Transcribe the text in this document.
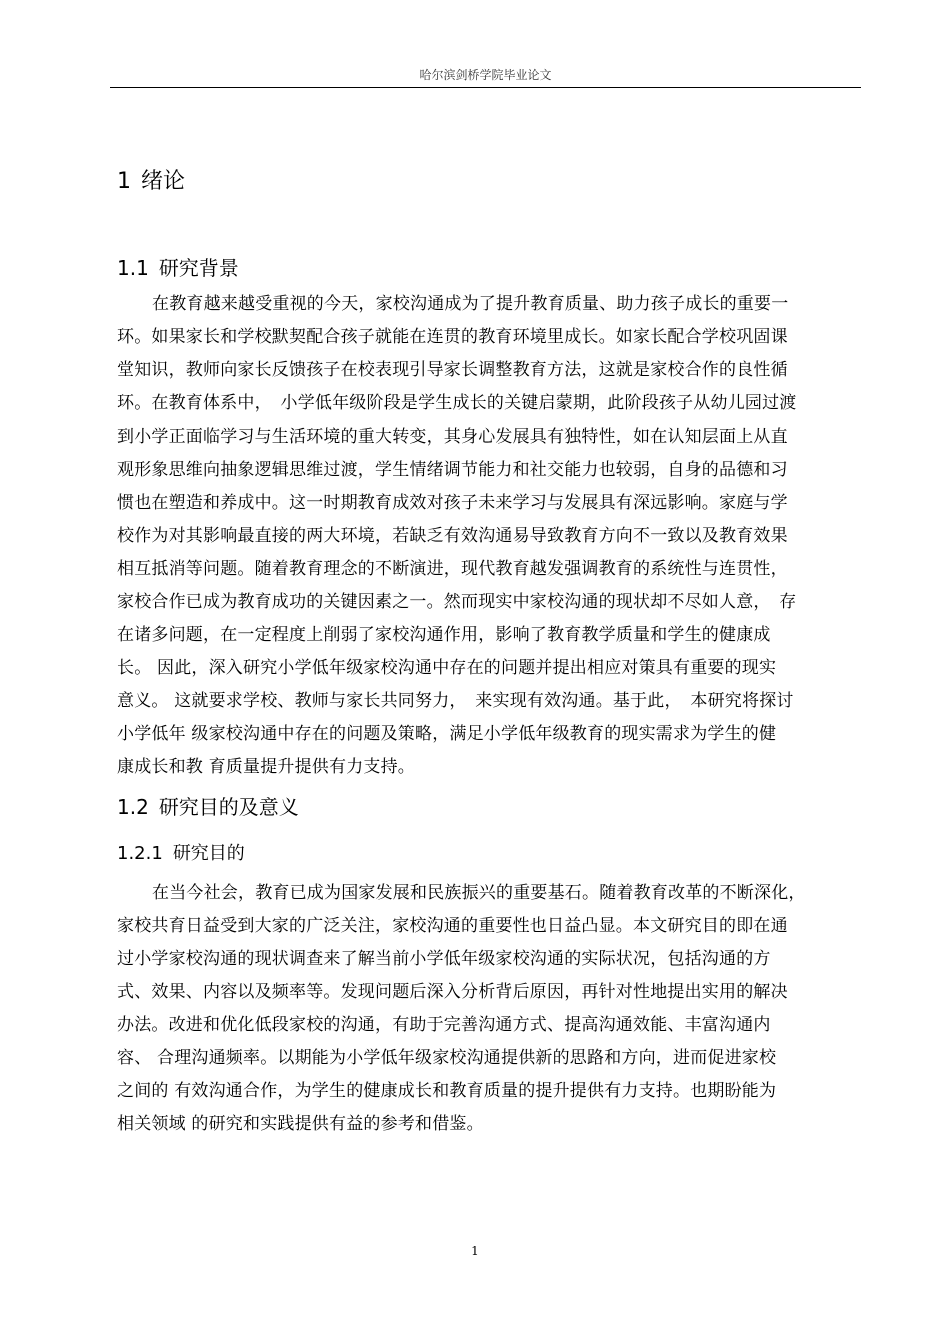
哈尔滨剑桥学院毕业论文
1 绪论
1.1 研究背景
在教育越来越受重视的今天，家校沟通成为了提升教育质量、助力孩子成长的重要一
环。如果家长和学校默契配合孩子就能在连贯的教育环境里成长。如家长配合学校巩固课
堂知识，教师向家长反馈孩子在校表现引导家长调整教育方法，这就是家校合作的良性循
环。在教育体系中，　小学低年级阶段是学生成长的关键启蒙期，此阶段孩子从幼儿园过渡
到小学正面临学习与生活环境的重大转变，其身心发展具有独特性，如在认知层面上从直
观形象思维向抽象逻辑思维过渡，学生情绪调节能力和社交能力也较弱，自身的品德和习
惯也在塑造和养成中。这一时期教育成效对孩子未来学习与发展具有深远影响。家庭与学
校作为对其影响最直接的两大环境，若缺乏有效沟通易导致教育方向不一致以及教育效果
相互抵消等问题。随着教育理念的不断演进，现代教育越发强调教育的系统性与连贯性，
家校合作已成为教育成功的关键因素之一。然而现实中家校沟通的现状却不尽如人意，　存
在诸多问题，在一定程度上削弱了家校沟通作用，影响了教育教学质量和学生的健康成
长。 因此，深入研究小学低年级家校沟通中存在的问题并提出相应对策具有重要的现实
意义。 这就要求学校、教师与家长共同努力，　来实现有效沟通。基于此，　本研究将探讨
小学低年 级家校沟通中存在的问题及策略，满足小学低年级教育的现实需求为学生的健
康成长和教 育质量提升提供有力支持。
1.2 研究目的及意义
1.2.1 研究目的
在当今社会，教育已成为国家发展和民族振兴的重要基石。随着教育改革的不断深化，
家校共育日益受到大家的广泛关注，家校沟通的重要性也日益凸显。本文研究目的即在通
过小学家校沟通的现状调查来了解当前小学低年级家校沟通的实际状况，包括沟通的方
式、效果、内容以及频率等。发现问题后深入分析背后原因，再针对性地提出实用的解决
办法。改进和优化低段家校的沟通，有助于完善沟通方式、提高沟通效能、丰富沟通内
容、 合理沟通频率。以期能为小学低年级家校沟通提供新的思路和方向，进而促进家校
之间的 有效沟通合作，为学生的健康成长和教育质量的提升提供有力支持。也期盼能为
相关领域 的研究和实践提供有益的参考和借鉴。
1
